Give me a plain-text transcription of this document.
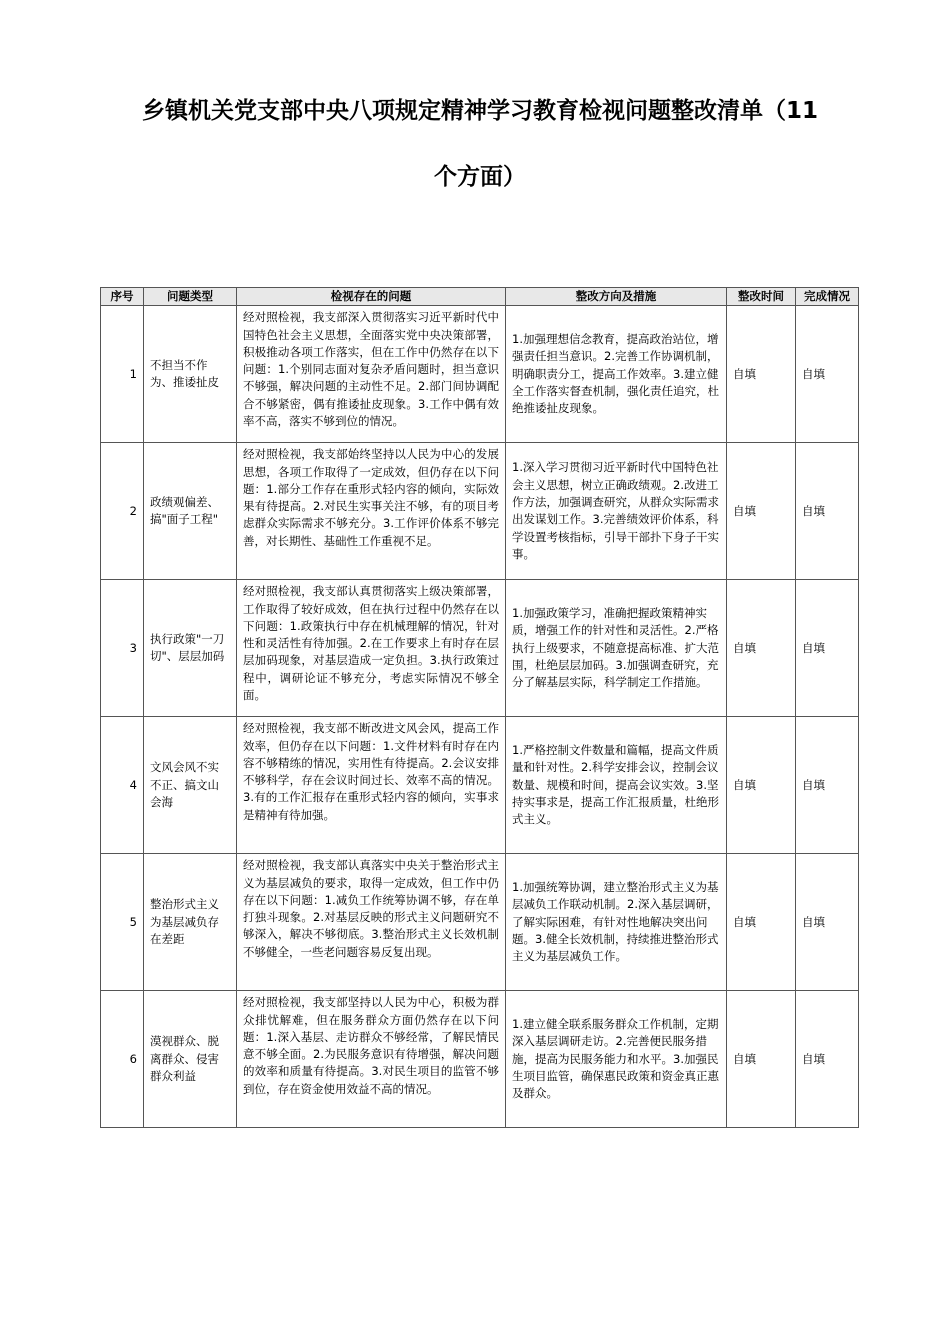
乡镇机关党支部中央八项规定精神学习教育检视问题整改清单（11
个方面）
序号	问题类型	检视存在的问题	整改方向及措施	整改时间	完成情况
1	不担当不作为、推诿扯皮	经对照检视，我支部深入贯彻落实习近平新时代中国特色社会主义思想，全面落实党中央决策部署，积极推动各项工作落实，但在工作中仍然存在以下问题：1.个别同志面对复杂矛盾问题时，担当意识不够强，解决问题的主动性不足。2.部门间协调配合不够紧密，偶有推诿扯皮现象。3.工作中偶有效率不高，落实不够到位的情况。	1.加强理想信念教育，提高政治站位，增强责任担当意识。2.完善工作协调机制，明确职责分工，提高工作效率。3.建立健全工作落实督查机制，强化责任追究，杜绝推诿扯皮现象。	自填	自填
2	政绩观偏差、搞"面子工程"	经对照检视，我支部始终坚持以人民为中心的发展思想，各项工作取得了一定成效，但仍存在以下问题：1.部分工作存在重形式轻内容的倾向，实际效果有待提高。2.对民生实事关注不够，有的项目考虑群众实际需求不够充分。3.工作评价体系不够完善，对长期性、基础性工作重视不足。	1.深入学习贯彻习近平新时代中国特色社会主义思想，树立正确政绩观。2.改进工作方法，加强调查研究，从群众实际需求出发谋划工作。3.完善绩效评价体系，科学设置考核指标，引导干部扑下身子干实事。	自填	自填
3	执行政策"一刀切"、层层加码	经对照检视，我支部认真贯彻落实上级决策部署，工作取得了较好成效，但在执行过程中仍然存在以下问题：1.政策执行中存在机械理解的情况，针对性和灵活性有待加强。2.在工作要求上有时存在层层加码现象，对基层造成一定负担。3.执行政策过程中，调研论证不够充分，考虑实际情况不够全面。	1.加强政策学习，准确把握政策精神实质，增强工作的针对性和灵活性。2.严格执行上级要求，不随意提高标准、扩大范围，杜绝层层加码。3.加强调查研究，充分了解基层实际，科学制定工作措施。	自填	自填
4	文风会风不实不正、搞文山会海	经对照检视，我支部不断改进文风会风，提高工作效率，但仍存在以下问题：1.文件材料有时存在内容不够精练的情况，实用性有待提高。2.会议安排不够科学，存在会议时间过长、效率不高的情况。3.有的工作汇报存在重形式轻内容的倾向，实事求是精神有待加强。	1.严格控制文件数量和篇幅，提高文件质量和针对性。2.科学安排会议，控制会议数量、规模和时间，提高会议实效。3.坚持实事求是，提高工作汇报质量，杜绝形式主义。	自填	自填
5	整治形式主义为基层减负存在差距	经对照检视，我支部认真落实中央关于整治形式主义为基层减负的要求，取得一定成效，但工作中仍存在以下问题：1.减负工作统筹协调不够，存在单打独斗现象。2.对基层反映的形式主义问题研究不够深入，解决不够彻底。3.整治形式主义长效机制不够健全，一些老问题容易反复出现。	1.加强统筹协调，建立整治形式主义为基层减负工作联动机制。2.深入基层调研，了解实际困难，有针对性地解决突出问题。3.健全长效机制，持续推进整治形式主义为基层减负工作。	自填	自填
6	漠视群众、脱离群众、侵害群众利益	经对照检视，我支部坚持以人民为中心，积极为群众排忧解难，但在服务群众方面仍然存在以下问题：1.深入基层、走访群众不够经常，了解民情民意不够全面。2.为民服务意识有待增强，解决问题的效率和质量有待提高。3.对民生项目的监管不够到位，存在资金使用效益不高的情况。	1.建立健全联系服务群众工作机制，定期深入基层调研走访。2.完善便民服务措施，提高为民服务能力和水平。3.加强民生项目监管，确保惠民政策和资金真正惠及群众。	自填	自填
